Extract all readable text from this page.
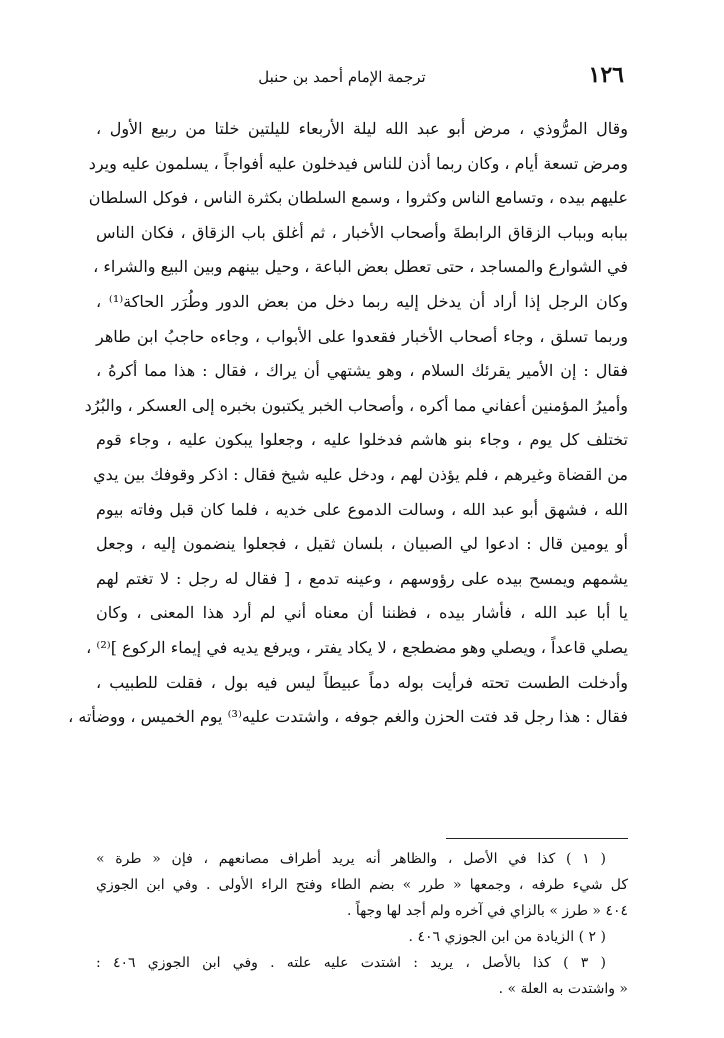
١٢٦
ترجمة الإمام أحمد بن حنبل
وقال المرُّوذي ، مرض أبو عبد الله ليلة الأربعاء لليلتين خلتا من ربيع الأول ،
ومرض تسعة أيام ، وكان ربما أذن للناس فيدخلون عليه أفواجاً ، يسلمون عليه ويرد
عليهم بيده ، وتسامع الناس وكثروا ، وسمع السلطان بكثرة الناس ، فوكل السلطان
ببابه وبباب الزقاق الرابطةَ وأصحاب الأخبار ، ثم أغلق باب الزقاق ، فكان الناس
في الشوارع والمساجد ، حتى تعطل بعض الباعة ، وحيل بينهم وبين البيع والشراء ،
وكان الرجل إذا أراد أن يدخل إليه ربما دخل من بعض الدور وطُرَر الحاكة⁽¹⁾ ،
وربما تسلق ، وجاء أصحاب الأخبار فقعدوا على الأبواب ، وجاءه حاجبُ ابن طاهر
فقال : إن الأمير يقرئك السلام ، وهو يشتهي أن يراك ، فقال : هذا مما أكرهُ ،
وأميرُ المؤمنين أعفاني مما أكره ، وأصحاب الخبر يكتبون بخبره إلى العسكر ، والبُرُد
تختلف كل يوم ، وجاء بنو هاشم فدخلوا عليه ، وجعلوا يبكون عليه ، وجاء قوم
من القضاة وغيرهم ، فلم يؤذن لهم ، ودخل عليه شيخ فقال : اذكر وقوفك بين يدي
الله ، فشهق أبو عبد الله ، وسالت الدموع على خديه ، فلما كان قبل وفاته بيوم
أو يومين قال : ادعوا لي الصبيان ، بلسان ثقيل ، فجعلوا ينضمون إليه ، وجعل
يشمهم ويمسح بيده على رؤوسهم ، وعينه تدمع ، [ فقال له رجل : لا تغتم لهم
يا أبا عبد الله ، فأشار بيده ، فظننا أن معناه أني لم أرد هذا المعنى ، وكان
يصلي قاعداً ، ويصلي وهو مضطجع ، لا يكاد يفتر ، ويرفع يديه في إيماء الركوع ]⁽²⁾ ،
وأدخلت الطست تحته فرأيت بوله دماً عبيطاً ليس فيه بول ، فقلت للطبيب ،
فقال : هذا رجل قد فتت الحزن والغم جوفه ، واشتدت عليه⁽³⁾ يوم الخميس ، ووضأته ،
( ١ ) كذا في الأصل ، والظاهر أنه يريد أطراف مصانعهم ، فإن « طرة »
كل شيء طرفه ، وجمعها « طرر » بضم الطاء وفتح الراء الأولى . وفي ابن الجوزي
٤٠٤ « طرز » بالزاي في آخره ولم أجد لها وجهاً .
( ٢ ) الزيادة من ابن الجوزي ٤٠٦ .
( ٣ ) كذا بالأصل ، يريد : اشتدت عليه علته . وفي ابن الجوزي ٤٠٦ :
« واشتدت به العلة » .
